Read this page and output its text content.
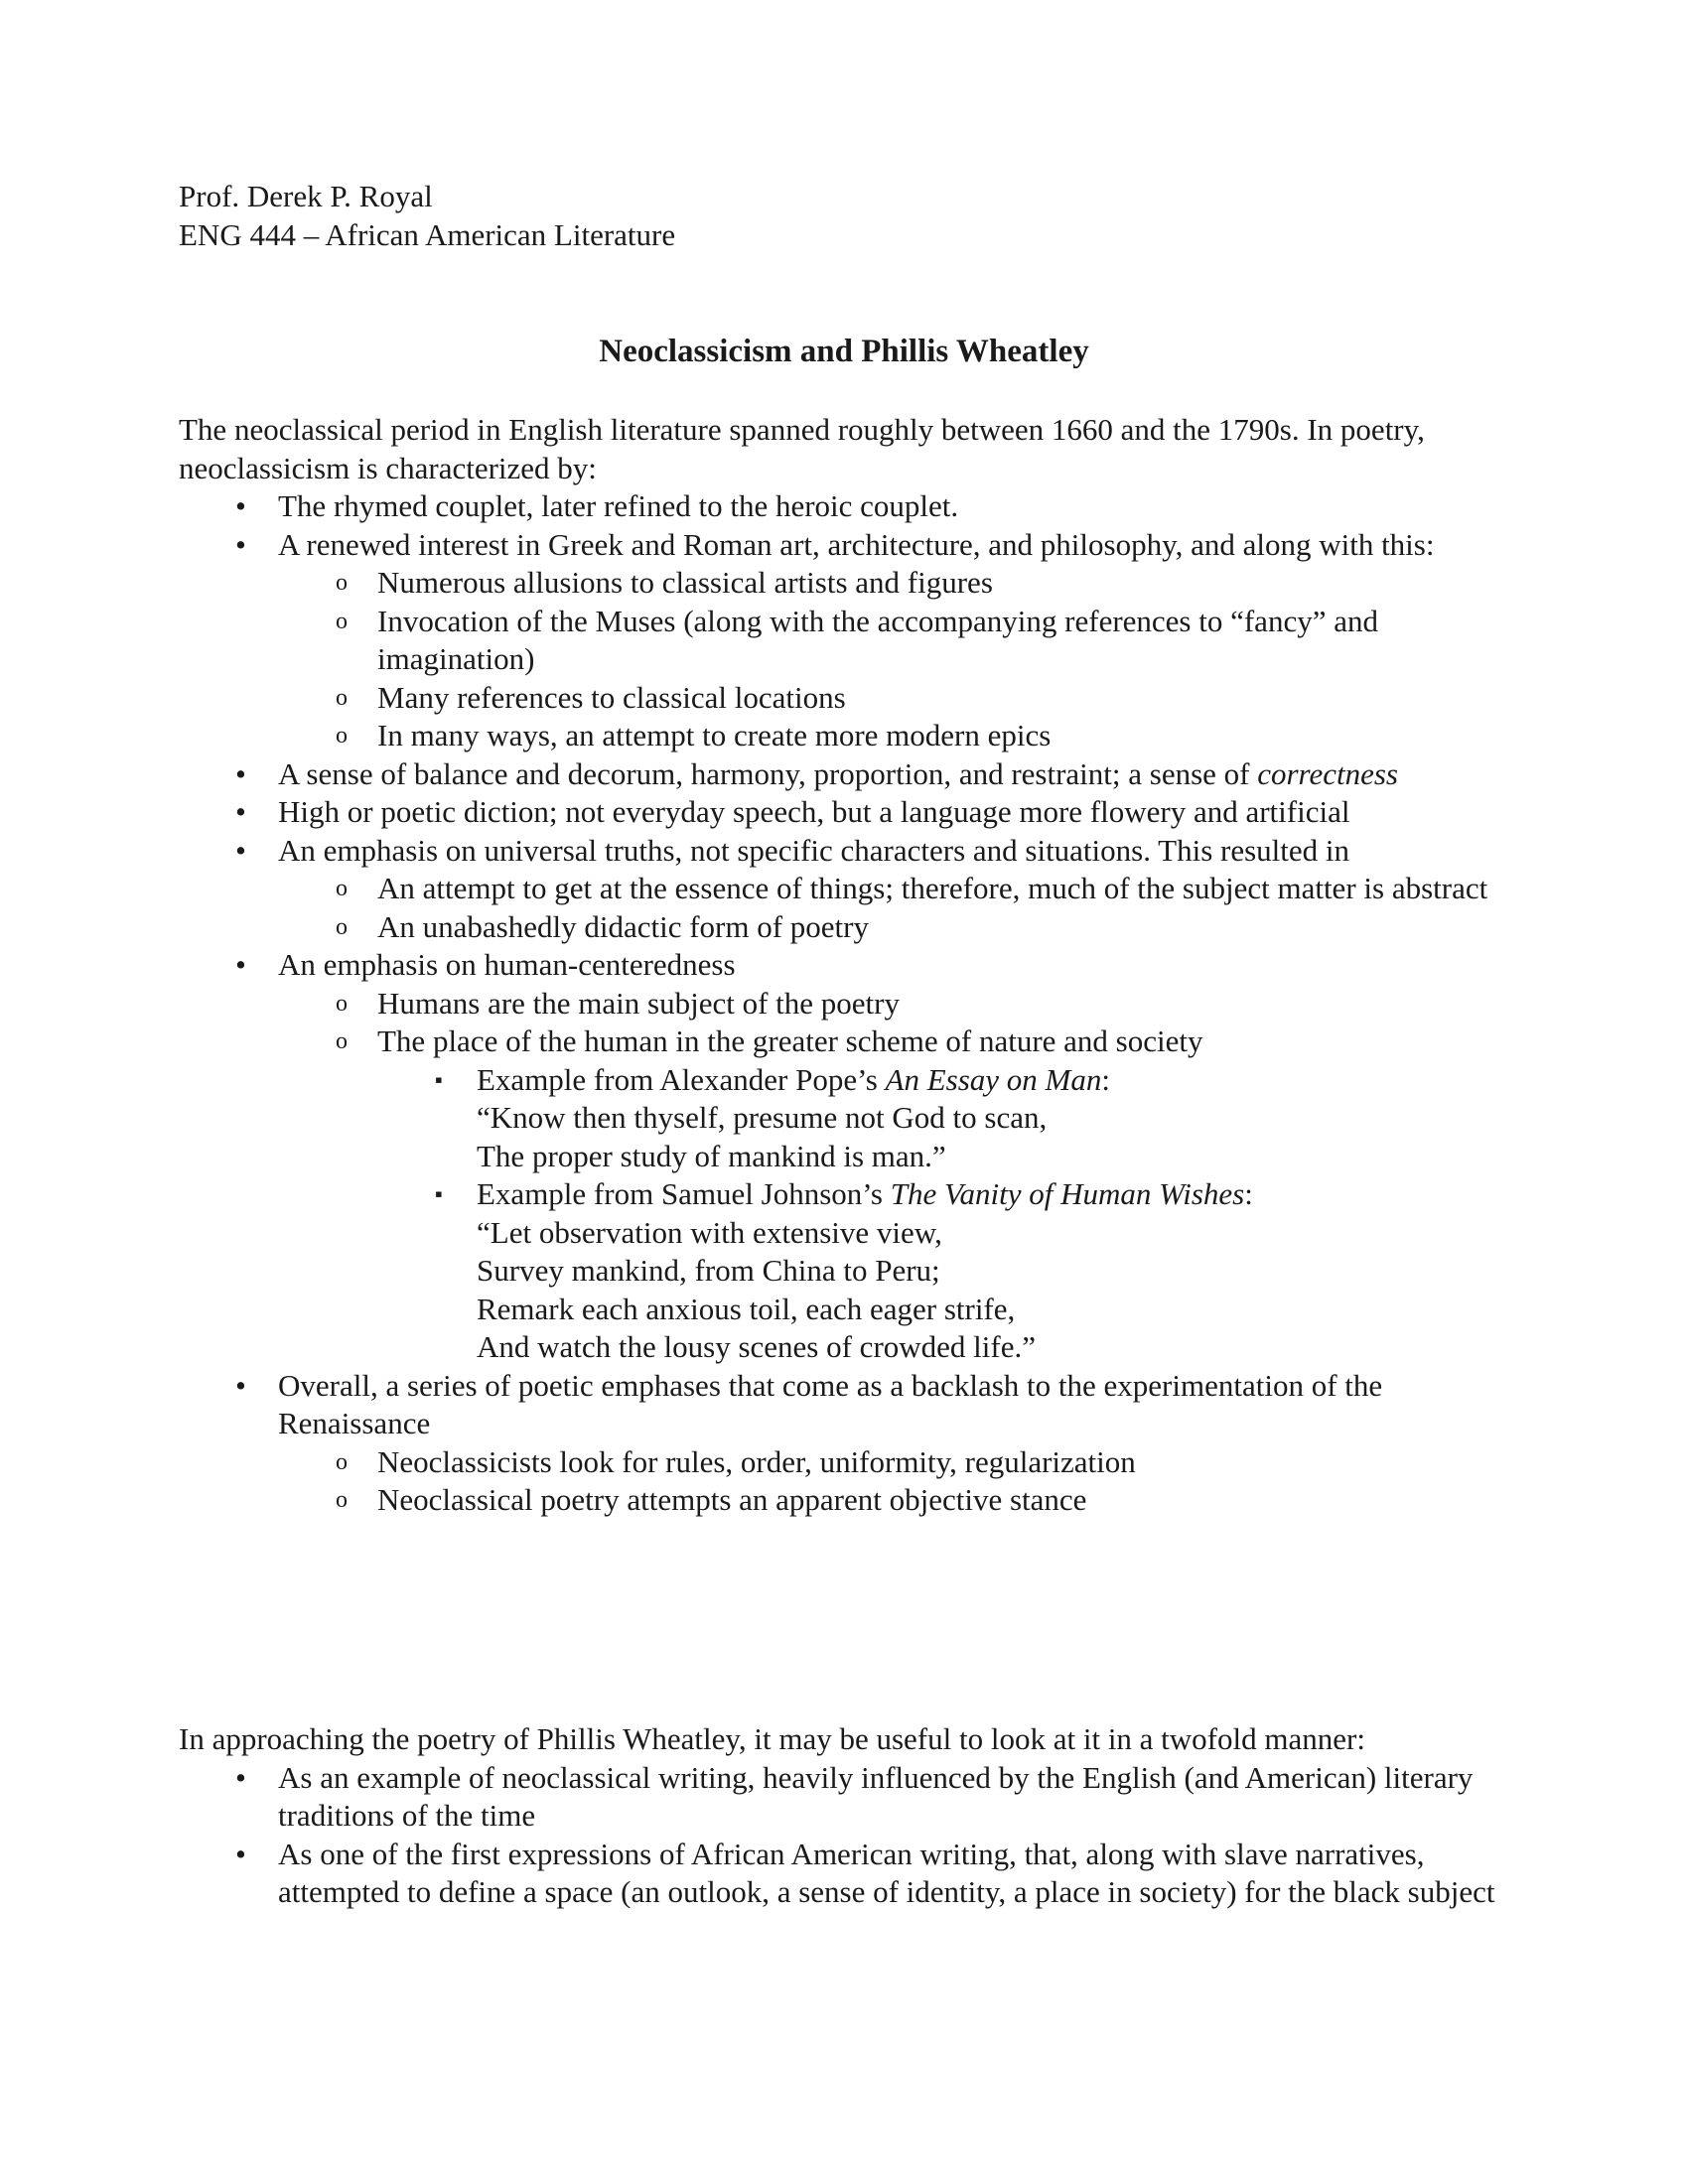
Prof. Derek P. Royal
ENG 444 – African American Literature
Neoclassicism and Phillis Wheatley

The neoclassical period in English literature spanned roughly between 1660 and the 1790s. In poetry, neoclassicism is characterized by:

• The rhymed couplet, later refined to the heroic couplet.
• A renewed interest in Greek and Roman art, architecture, and philosophy, and along with this:
o Numerous allusions to classical artists and figures
o Invocation of the Muses (along with the accompanying references to “fancy” and imagination)
o Many references to classical locations
o In many ways, an attempt to create more modern epics
• A sense of balance and decorum, harmony, proportion, and restraint; a sense of correctness
• High or poetic diction; not everyday speech, but a language more flowery and artificial
• An emphasis on universal truths, not specific characters and situations. This resulted in
o An attempt to get at the essence of things; therefore, much of the subject matter is abstract
o An unabashedly didactic form of poetry
• An emphasis on human-centeredness
o Humans are the main subject of the poetry
o The place of the human in the greater scheme of nature and society
▪ Example from Alexander Pope’s An Essay on Man:
“Know then thyself, presume not God to scan,
The proper study of mankind is man.”
▪ Example from Samuel Johnson’s The Vanity of Human Wishes:
“Let observation with extensive view,
Survey mankind, from China to Peru;
Remark each anxious toil, each eager strife,
And watch the lousy scenes of crowded life.”
• Overall, a series of poetic emphases that come as a backlash to the experimentation of the Renaissance
o Neoclassicists look for rules, order, uniformity, regularization
o Neoclassical poetry attempts an apparent objective stance

In approaching the poetry of Phillis Wheatley, it may be useful to look at it in a twofold manner:

• As an example of neoclassical writing, heavily influenced by the English (and American) literary traditions of the time
• As one of the first expressions of African American writing, that, along with slave narratives, attempted to define a space (an outlook, a sense of identity, a place in society) for the black subject
